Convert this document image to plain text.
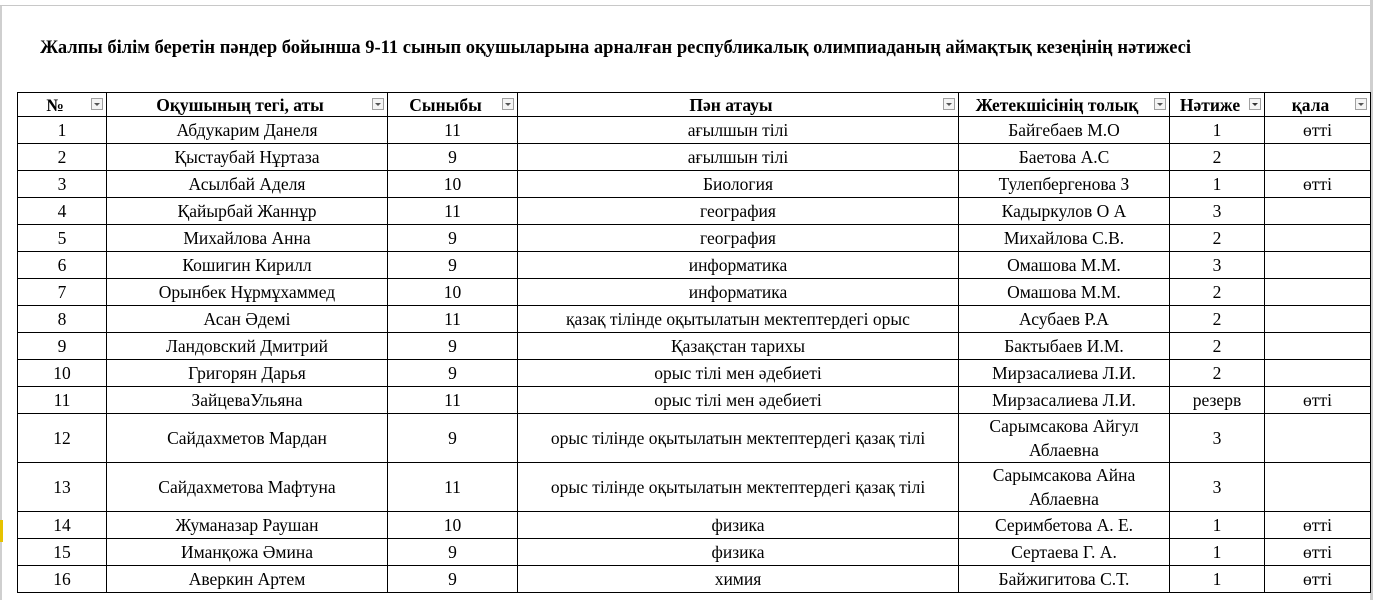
Жалпы білім беретін пәндер бойынша 9-11 сынып оқушыларына арналған республикалық олимпиаданың аймақтық кезеңінің нәтижесі
№	Оқушының тегі, аты	Сыныбы	Пән атауы	Жетекшісінің толық	Нәтиже	қала

1	Абдукарим Данеля	11	ағылшын тілі	Байгебаев М.О	1	өтті
2	Қыстаубай Нұртаза	9	ағылшын тілі	Баетова А.С	2	
3	Асылбай Аделя	10	Биология	Тулепбергенова З	1	өтті
4	Қайырбай Жаннұр	11	география	Кадыркулов О А	3	
5	Михайлова Анна	9	география	Михайлова С.В.	2	
6	Кошигин Кирилл	9	информатика	Омашова М.М.	3	
7	Орынбек Нұрмұхаммед	10	информатика	Омашова М.М.	2	
8	Асан Әдемі	11	қазақ тілінде оқытылатын мектептердегі орыс	Асубаев Р.А	2	
9	Ландовский Дмитрий	9	Қазақстан тарихы	Бактыбаев И.М.	2	
10	Григорян Дарья	9	орыс тілі мен әдебиеті	Мирзасалиева Л.И.	2	
11	ЗайцеваУльяна	11	орыс тілі мен әдебиеті	Мирзасалиева Л.И.	резерв	өтті
12	Сайдахметов Мардан	9	орыс тілінде оқытылатын мектептердегі қазақ тілі	Сарымсакова Айгул Аблаевна	3	
13	Сайдахметова Мафтуна	11	орыс тілінде оқытылатын мектептердегі қазақ тілі	Сарымсакова Айна Аблаевна	3	
14	Жуманазар Раушан	10	физика	Серимбетова А. Е.	1	өтті
15	Иманқожа Әмина	9	физика	Сертаева Г. А.	1	өтті
16	Аверкин Артем	9	химия	Байжигитова С.Т.	1	өтті
